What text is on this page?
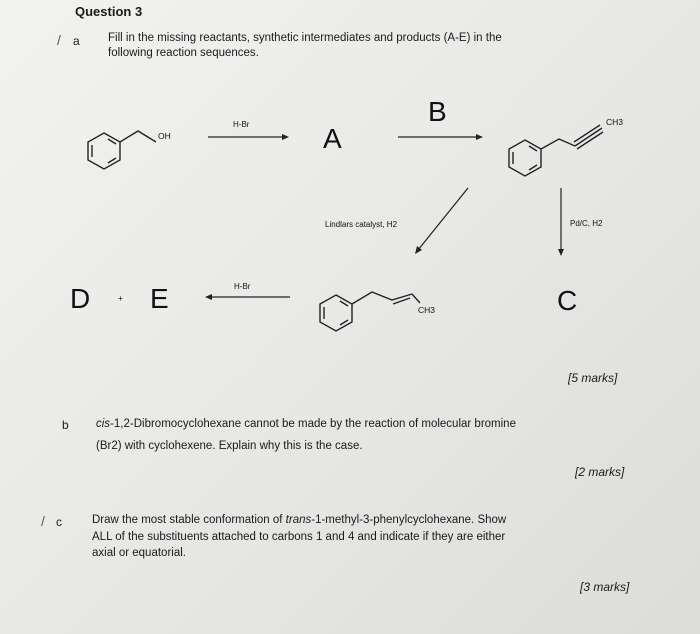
Question 3
/ a Fill in the missing reactants, synthetic intermediates and products (A-E) in the
following reaction sequences.
OH
H-Br	A
B	CH3
Lindlars catalyst, H2	Pd/C, H2
C
CH3
H-Br
D	+ E
[5 marks]
b cis-1,2-Dibromocyclohexane cannot be made by the reaction of molecular bromine
(Br2) with cyclohexene. Explain why this is the case.
[2 marks]
/ c	Draw the most stable conformation of trans-1-methyl-3-phenylcyclohexane. Show
ALL of the substituents attached to carbons 1 and 4 and indicate if they are either
axial or equatorial.
[3 marks]
